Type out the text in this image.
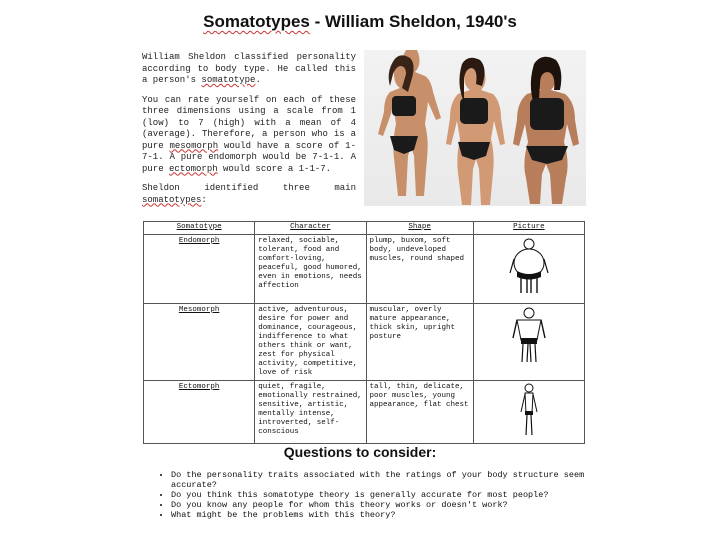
Somatotypes - William Sheldon, 1940's

William Sheldon classified personality according to body type. He called this a person's somatotype.

You can rate yourself on each of these three dimensions using a scale from 1 (low) to 7 (high) with a mean of 4 (average). Therefore, a person who is a pure mesomorph would have a score of 1-7-1. A pure endomorph would be 7-1-1. A pure ectomorph would score a 1-1-7.

Sheldon identified three main somatotypes:

Somatotype	Character	Shape	Picture
Endomorph	relaxed, sociable, tolerant, food and comfort-loving, peaceful, good humored, even in emotions, needs affection	plump, buxom, soft body, undeveloped muscles, round shaped	
Mesomorph	active, adventurous, desire for power and dominance, courageous, indifference to what others think or want, zest for physical activity, competitive, love of risk	muscular, overly mature appearance, thick skin, upright posture	
Ectomorph	quiet, fragile, emotionally restrained, sensitive, artistic, mentally intense, introverted, self-conscious	tall, thin, delicate, poor muscles, young appearance, flat chest	
Questions to consider:
• Do the personality traits associated with the ratings of your body structure seem accurate?
• Do you think this somatotype theory is generally accurate for most people?
• Do you know any people for whom this theory works or doesn't work?
• What might be the problems with this theory?
